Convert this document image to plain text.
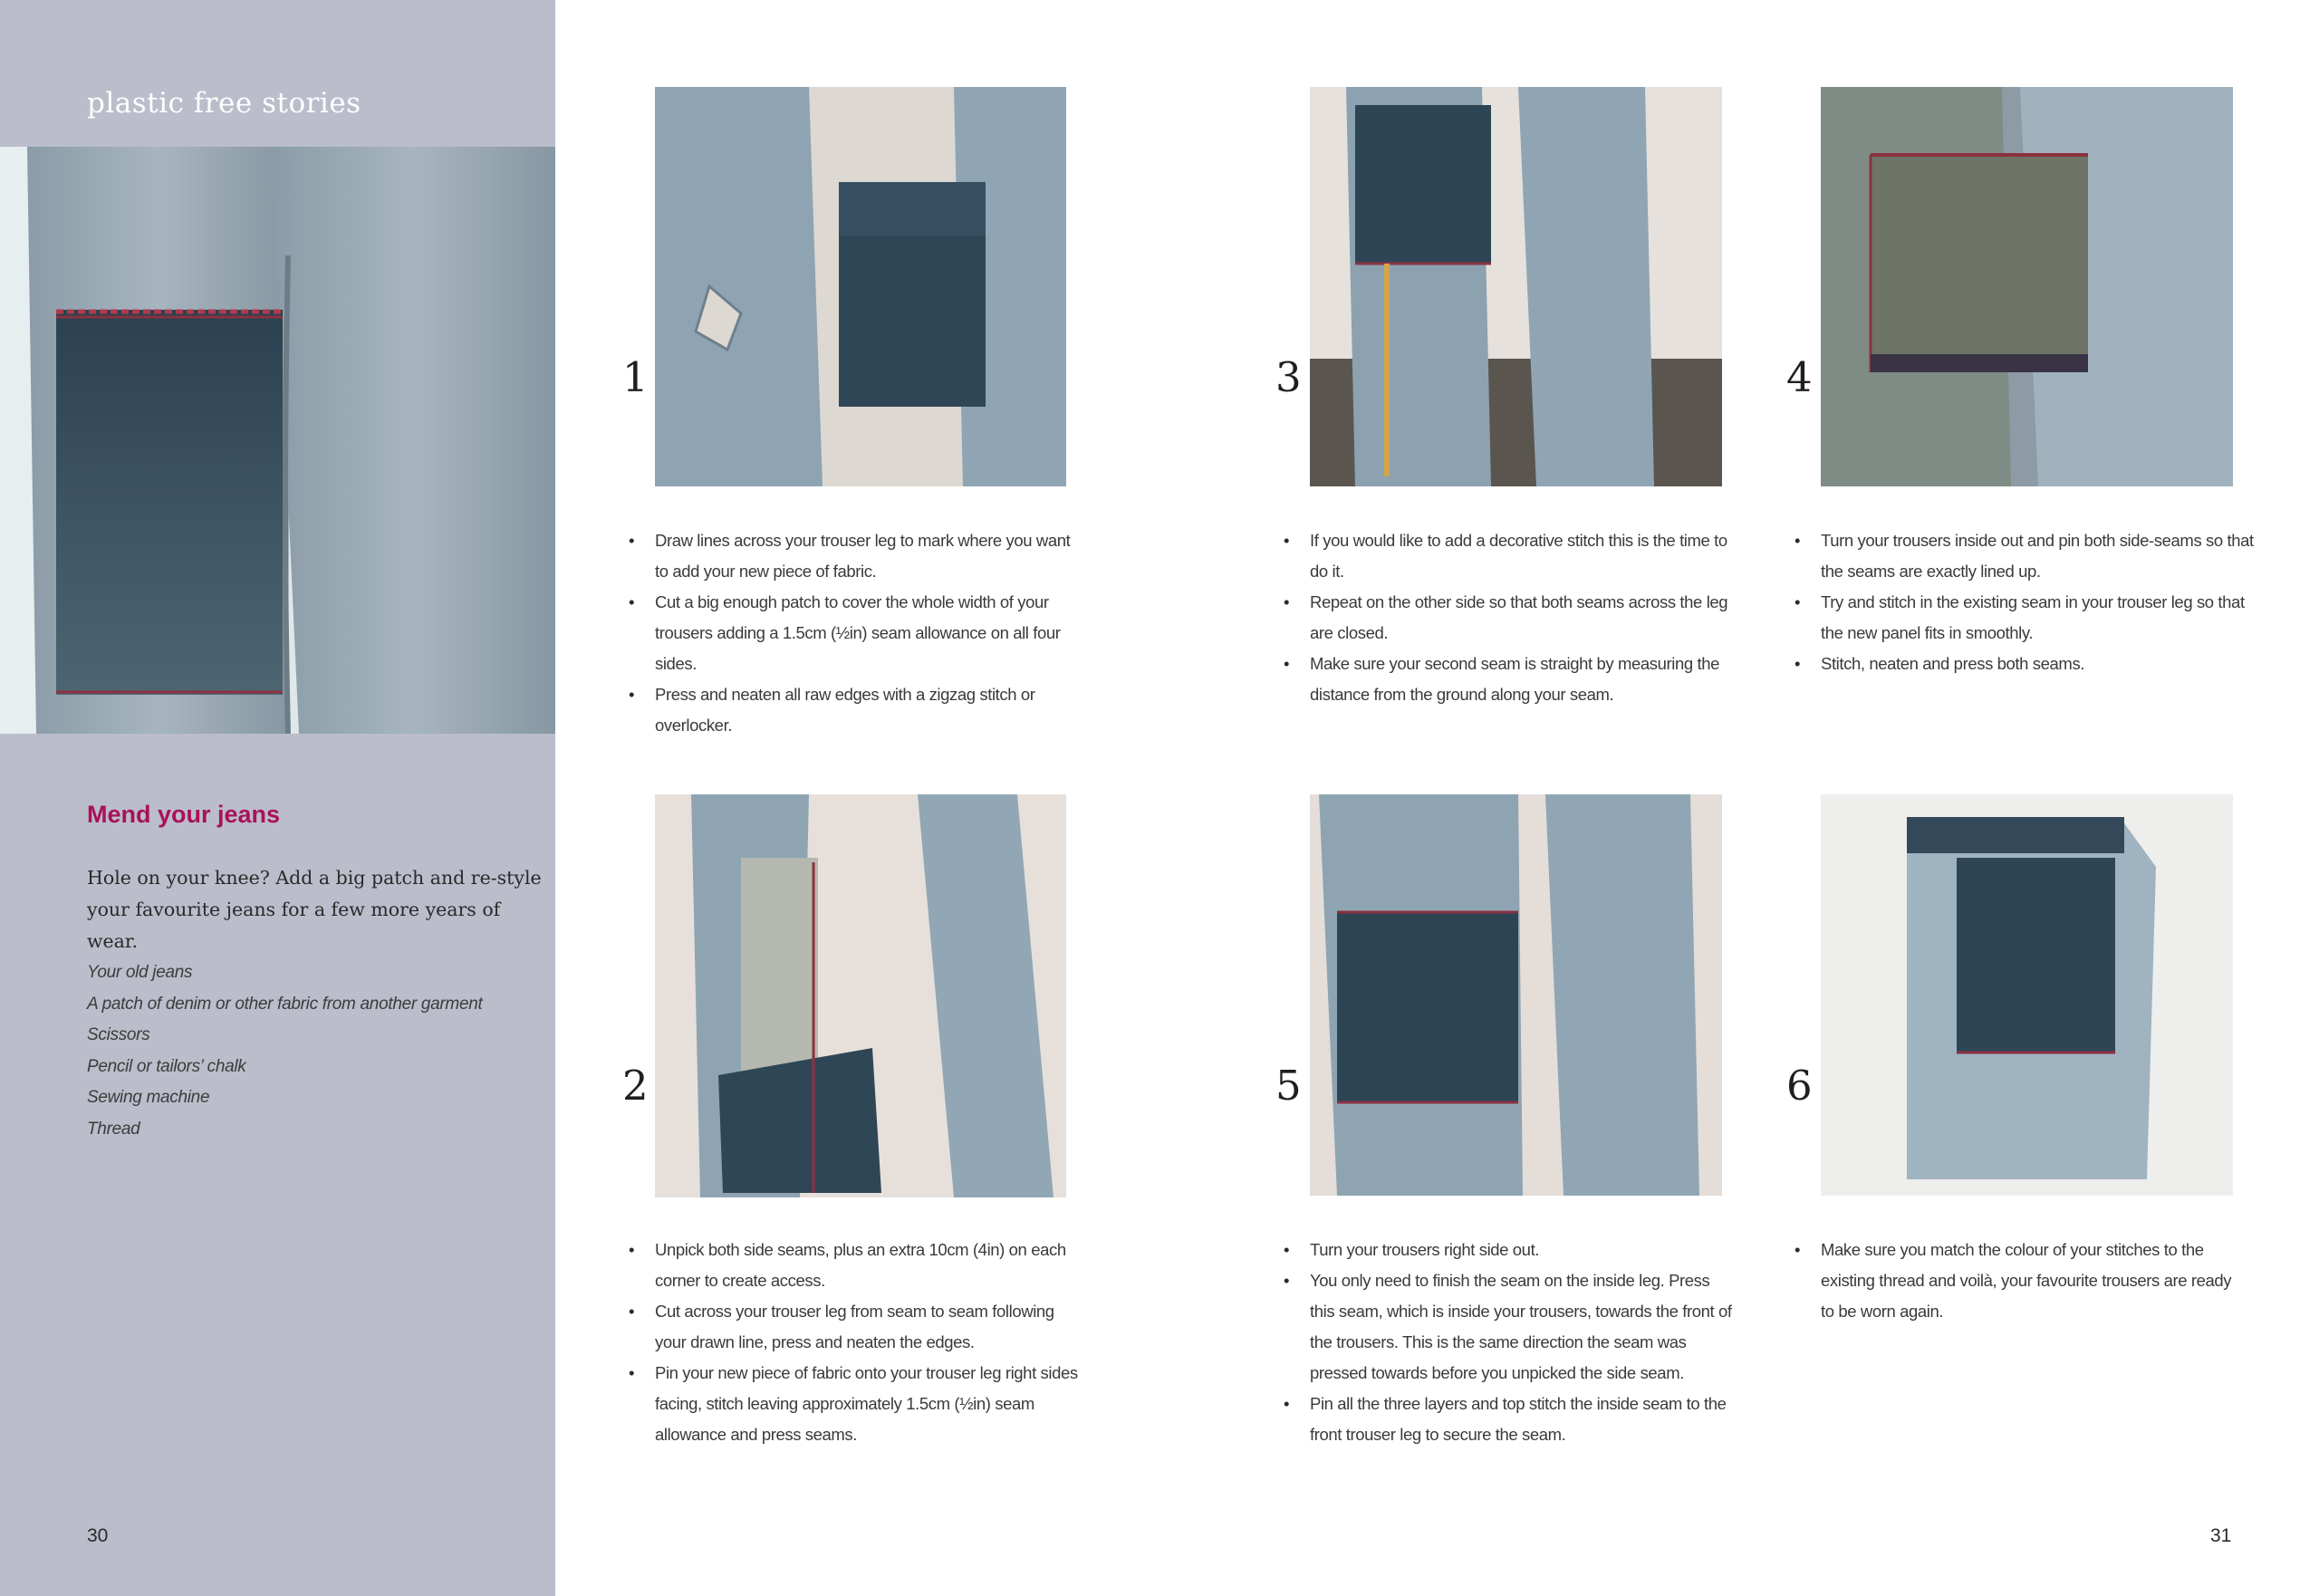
plastic free stories
Mend your jeans
Hole on your knee? Add a big patch and re-style your favourite jeans for a few more years of wear.
Your old jeans
A patch of denim or other fabric from another garment
Scissors
Pencil or tailors’ chalk
Sewing machine
Thread
30
1
• Draw lines across your trouser leg to mark where you want to add your new piece of fabric.
• Cut a big enough patch to cover the whole width of your trousers adding a 1.5cm (½in) seam allowance on all four sides.
• Press and neaten all raw edges with a zigzag stitch or overlocker.
3
• If you would like to add a decorative stitch this is the time to do it.
• Repeat on the other side so that both seams across the leg are closed.
• Make sure your second seam is straight by measuring the distance from the ground along your seam.
4
• Turn your trousers inside out and pin both side-seams so that the seams are exactly lined up.
• Try and stitch in the existing seam in your trouser leg so that the new panel fits in smoothly.
• Stitch, neaten and press both seams.
2
• Unpick both side seams, plus an extra 10cm (4in) on each corner to create access.
• Cut across your trouser leg from seam to seam following your drawn line, press and neaten the edges.
• Pin your new piece of fabric onto your trouser leg right sides facing, stitch leaving approximately 1.5cm (½in) seam allowance and press seams.
5
• Turn your trousers right side out.
• You only need to finish the seam on the inside leg. Press this seam, which is inside your trousers, towards the front of the trousers. This is the same direction the seam was pressed towards before you unpicked the side seam.
• Pin all the three layers and top stitch the inside seam to the front trouser leg to secure the seam.
6
• Make sure you match the colour of your stitches to the existing thread and voilà, your favourite trousers are ready to be worn again.
31
